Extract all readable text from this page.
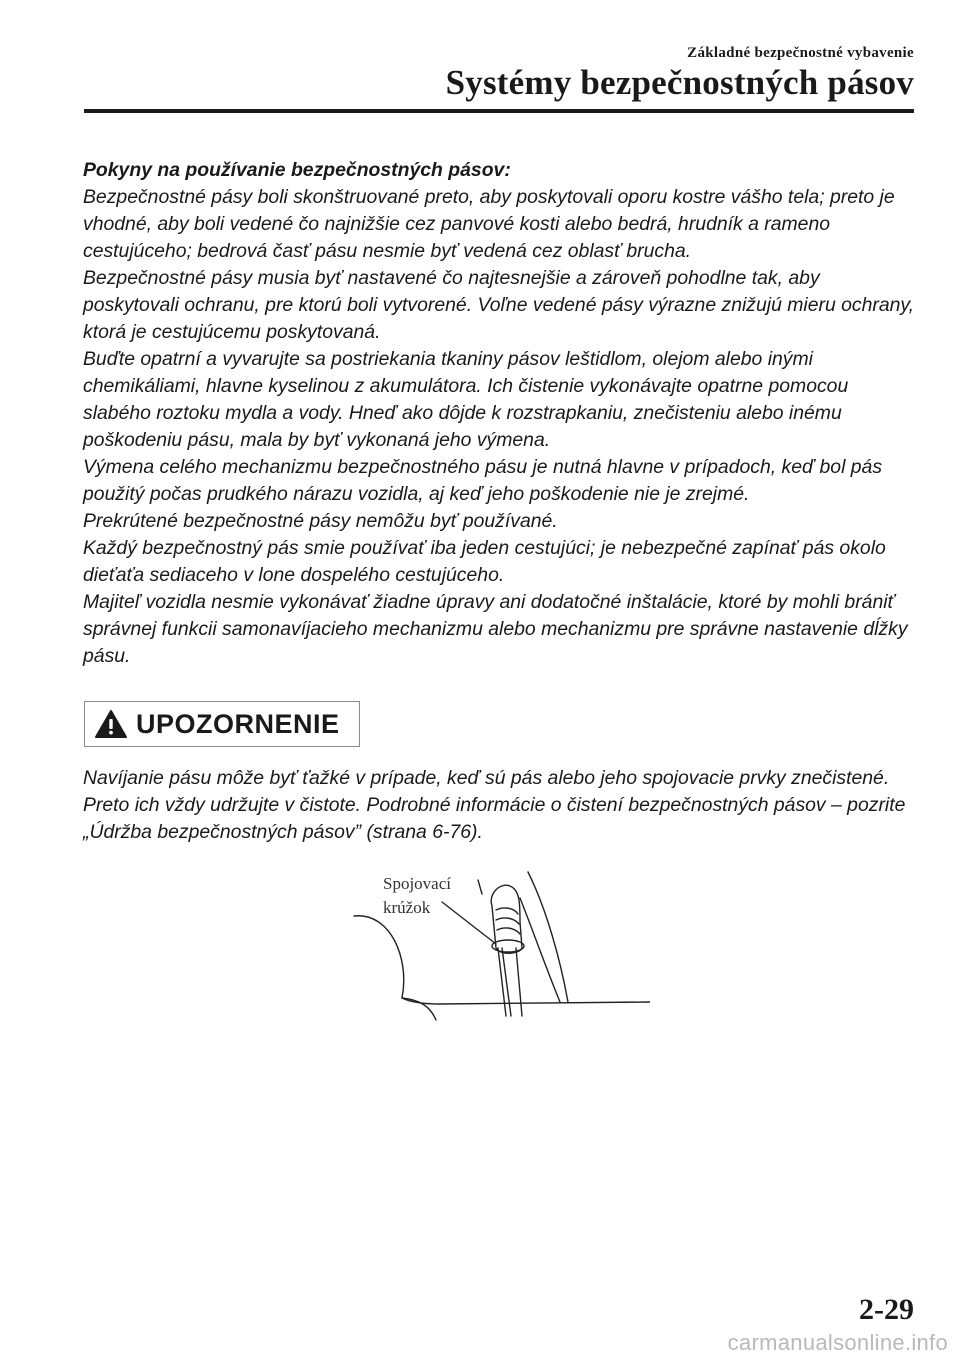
Základné bezpečnostné vybavenie
Systémy bezpečnostných pásov

Pokyny na používanie bezpečnostných pásov:

Bezpečnostné pásy boli skonštruované preto, aby poskytovali oporu kostre vášho tela; preto je vhodné, aby boli vedené čo najnižšie cez panvové kosti alebo bedrá, hrudník a rameno cestujúceho; bedrová časť pásu nesmie byť vedená cez oblasť brucha.

Bezpečnostné pásy musia byť nastavené čo najtesnejšie a zároveň pohodlne tak, aby poskytovali ochranu, pre ktorú boli vytvorené. Voľne vedené pásy výrazne znižujú mieru ochrany, ktorá je cestujúcemu poskytovaná.

Buďte opatrní a vyvarujte sa postriekania tkaniny pásov leštidlom, olejom alebo inými chemikáliami, hlavne kyselinou z akumulátora. Ich čistenie vykonávajte opatrne pomocou slabého roztoku mydla a vody. Hneď ako dôjde k rozstrapkaniu, znečisteniu alebo inému poškodeniu pásu, mala by byť vykonaná jeho výmena.

Výmena celého mechanizmu bezpečnostného pásu je nutná hlavne v prípadoch, keď bol pás použitý počas prudkého nárazu vozidla, aj keď jeho poškodenie nie je zrejmé.

Prekrútené bezpečnostné pásy nemôžu byť používané.

Každý bezpečnostný pás smie používať iba jeden cestujúci; je nebezpečné zapínať pás okolo dieťaťa sediaceho v lone dospelého cestujúceho.

Majiteľ vozidla nesmie vykonávať žiadne úpravy ani dodatočné inštalácie, ktoré by mohli brániť správnej funkcii samonavíjacieho mechanizmu alebo mechanizmu pre správne nastavenie dĺžky pásu.

UPOZORNENIE

Navíjanie pásu môže byť ťažké v prípade, keď sú pás alebo jeho spojovacie prvky znečistené. Preto ich vždy udržujte v čistote. Podrobné informácie o čistení bezpečnostných pásov – pozrite „Údržba bezpečnostných pásov” (strana 6-76).

Spojovací
krúžok
2-29
carmanualsonline.info
